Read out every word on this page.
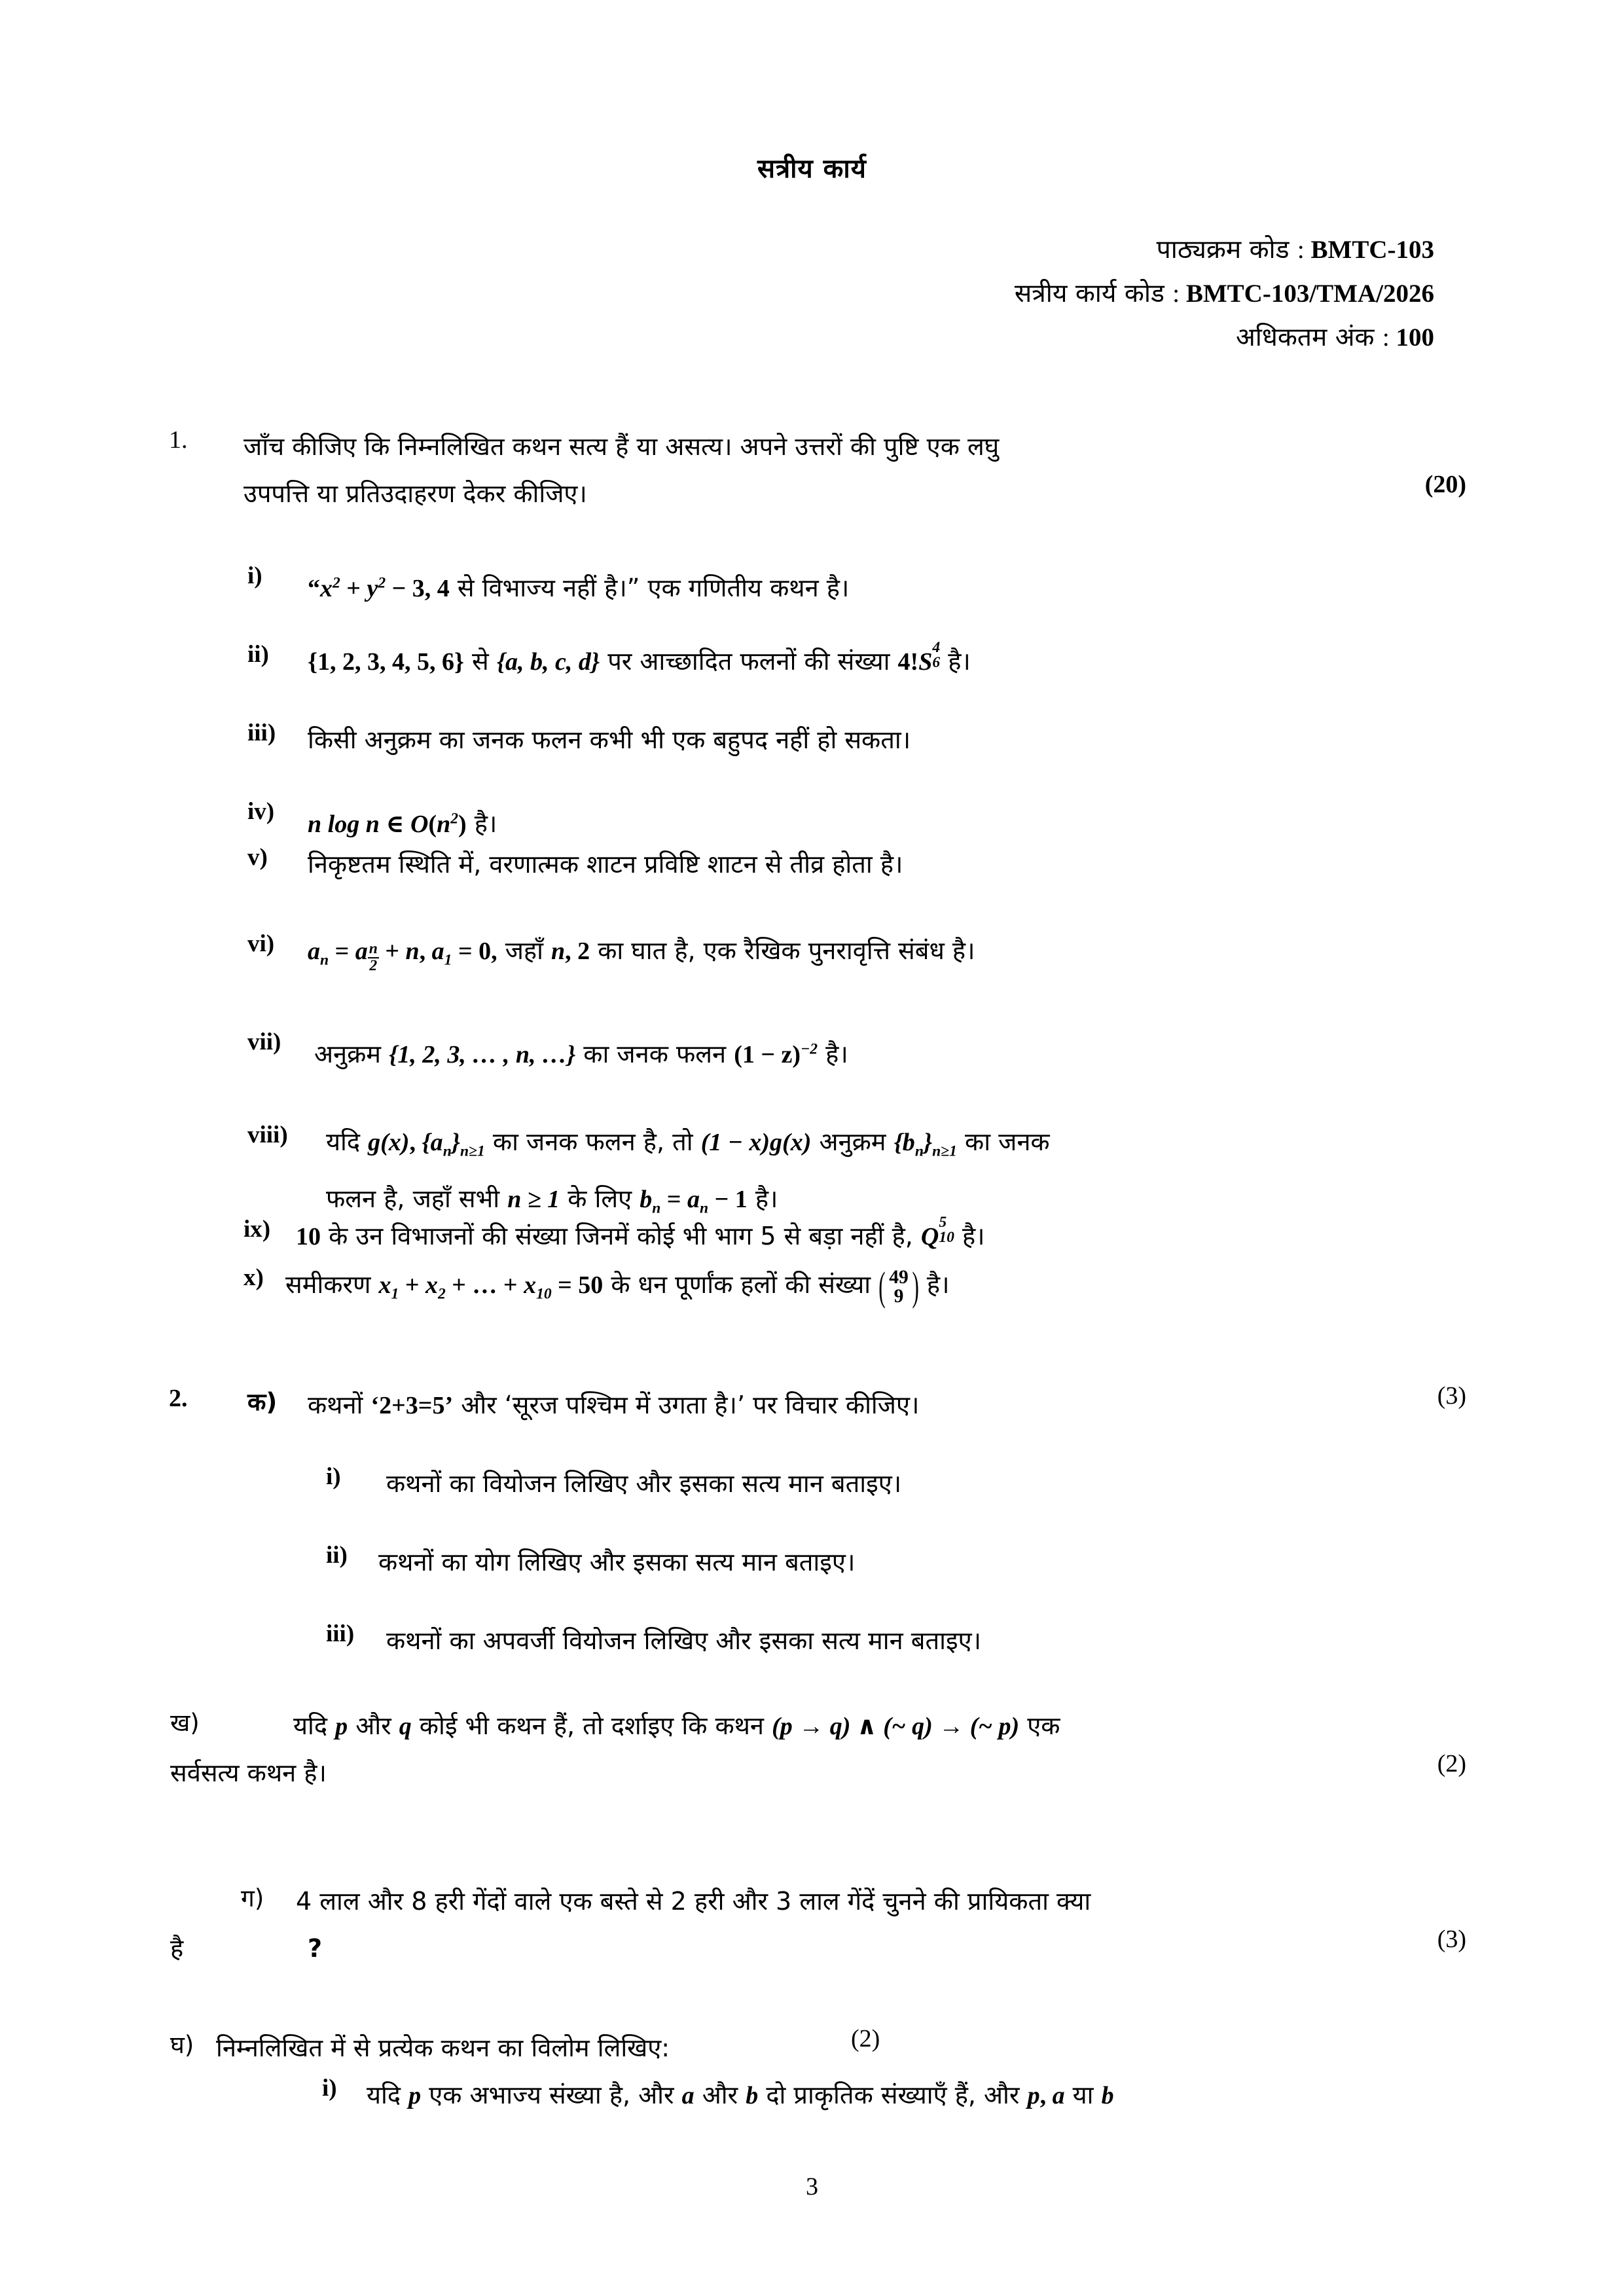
सत्रीय कार्य
पाठ्यक्रम कोड : BMTC-103
सत्रीय कार्य कोड : BMTC-103/TMA/2026
अधिकतम अंक : 100
1. जाँच कीजिए कि निम्नलिखित कथन सत्य हैं या असत्य। अपने उत्तरों की पुष्टि एक लघु
उपपत्ति या प्रतिउदाहरण देकर कीजिए।	(20)
i) “$x^2 + y^2 - 3$, 4 से विभाज्य नहीं है।” एक गणितीय कथन है।
ii) {1, 2, 3, 4, 5, 6} से {a, b, c, d} पर आच्छादित फलनों की संख्या 4!S
4
6 है।
iii) किसी अनुक्रम का जनक फलन कभी भी एक बहुपद नहीं हो सकता।
iv) n log n ∈ $O(n^2)$ है।
v) निकृष्टतम स्थिति में, वरणात्मक शाटन प्रविष्टि शाटन से तीव्र होता है।
vi) $a_n = a \frac{n}{2} + n$, $a_1 = 0$, जहाँ n, 2 का घात है, एक रैखिक पुनरावृत्ति संबंध है।
vii) अनुक्रम {1, 2, 3, … , n, …} का जनक फलन $(1 - z)^{-2}$ है।
viii) यदि g(x), $\{a_n\}_{n\ge 1}$ का जनक फलन है, तो (1 − x)g(x) अनुक्रम $\{b_n\}_{n\ge 1}$ का जनक
फलन है, जहाँ सभी n ≥ 1 के लिए $b_n = a_n - 1$ है।
ix) 10 के उन विभाजनों की संख्या जिनमें कोई भी भाग 5 से बड़ा नहीं है, Q
5
10 है।
x) समीकरण $x_1 + x_2$ + … + $x_{10} = 50$ के धन पूर्णांक हलों की संख्या ( 49
9
) है।
2. क) कथनों ‘2+3=5’ और ‘सूरज पश्चिम में उगता है।’ पर विचार कीजिए।	(3)
i) कथनों का वियोजन लिखिए और इसका सत्य मान बताइए।
ii) कथनों का योग लिखिए और इसका सत्य मान बताइए।
iii) कथनों का अपवर्जी वियोजन लिखिए और इसका सत्य मान बताइए।
ख)	यदि p और q कोई भी कथन हैं, तो दर्शाइए कि कथन (p → q) ∧ (~ q) → (~ p) एक
सर्वसत्य कथन है।	(2)
ग) 4 लाल और 8 हरी गेंदों वाले एक बस्ते से 2 हरी और 3 लाल गेंदें चुनने की प्रायिकता क्या
है	?	(3)
घ) निम्नलिखित में से प्रत्येक कथन का विलोम लिखिए:	(2)
i) यदि p एक अभाज्य संख्या है, और a और b दो प्राकृतिक संख्याएँ हैं, और p, a या b
3
